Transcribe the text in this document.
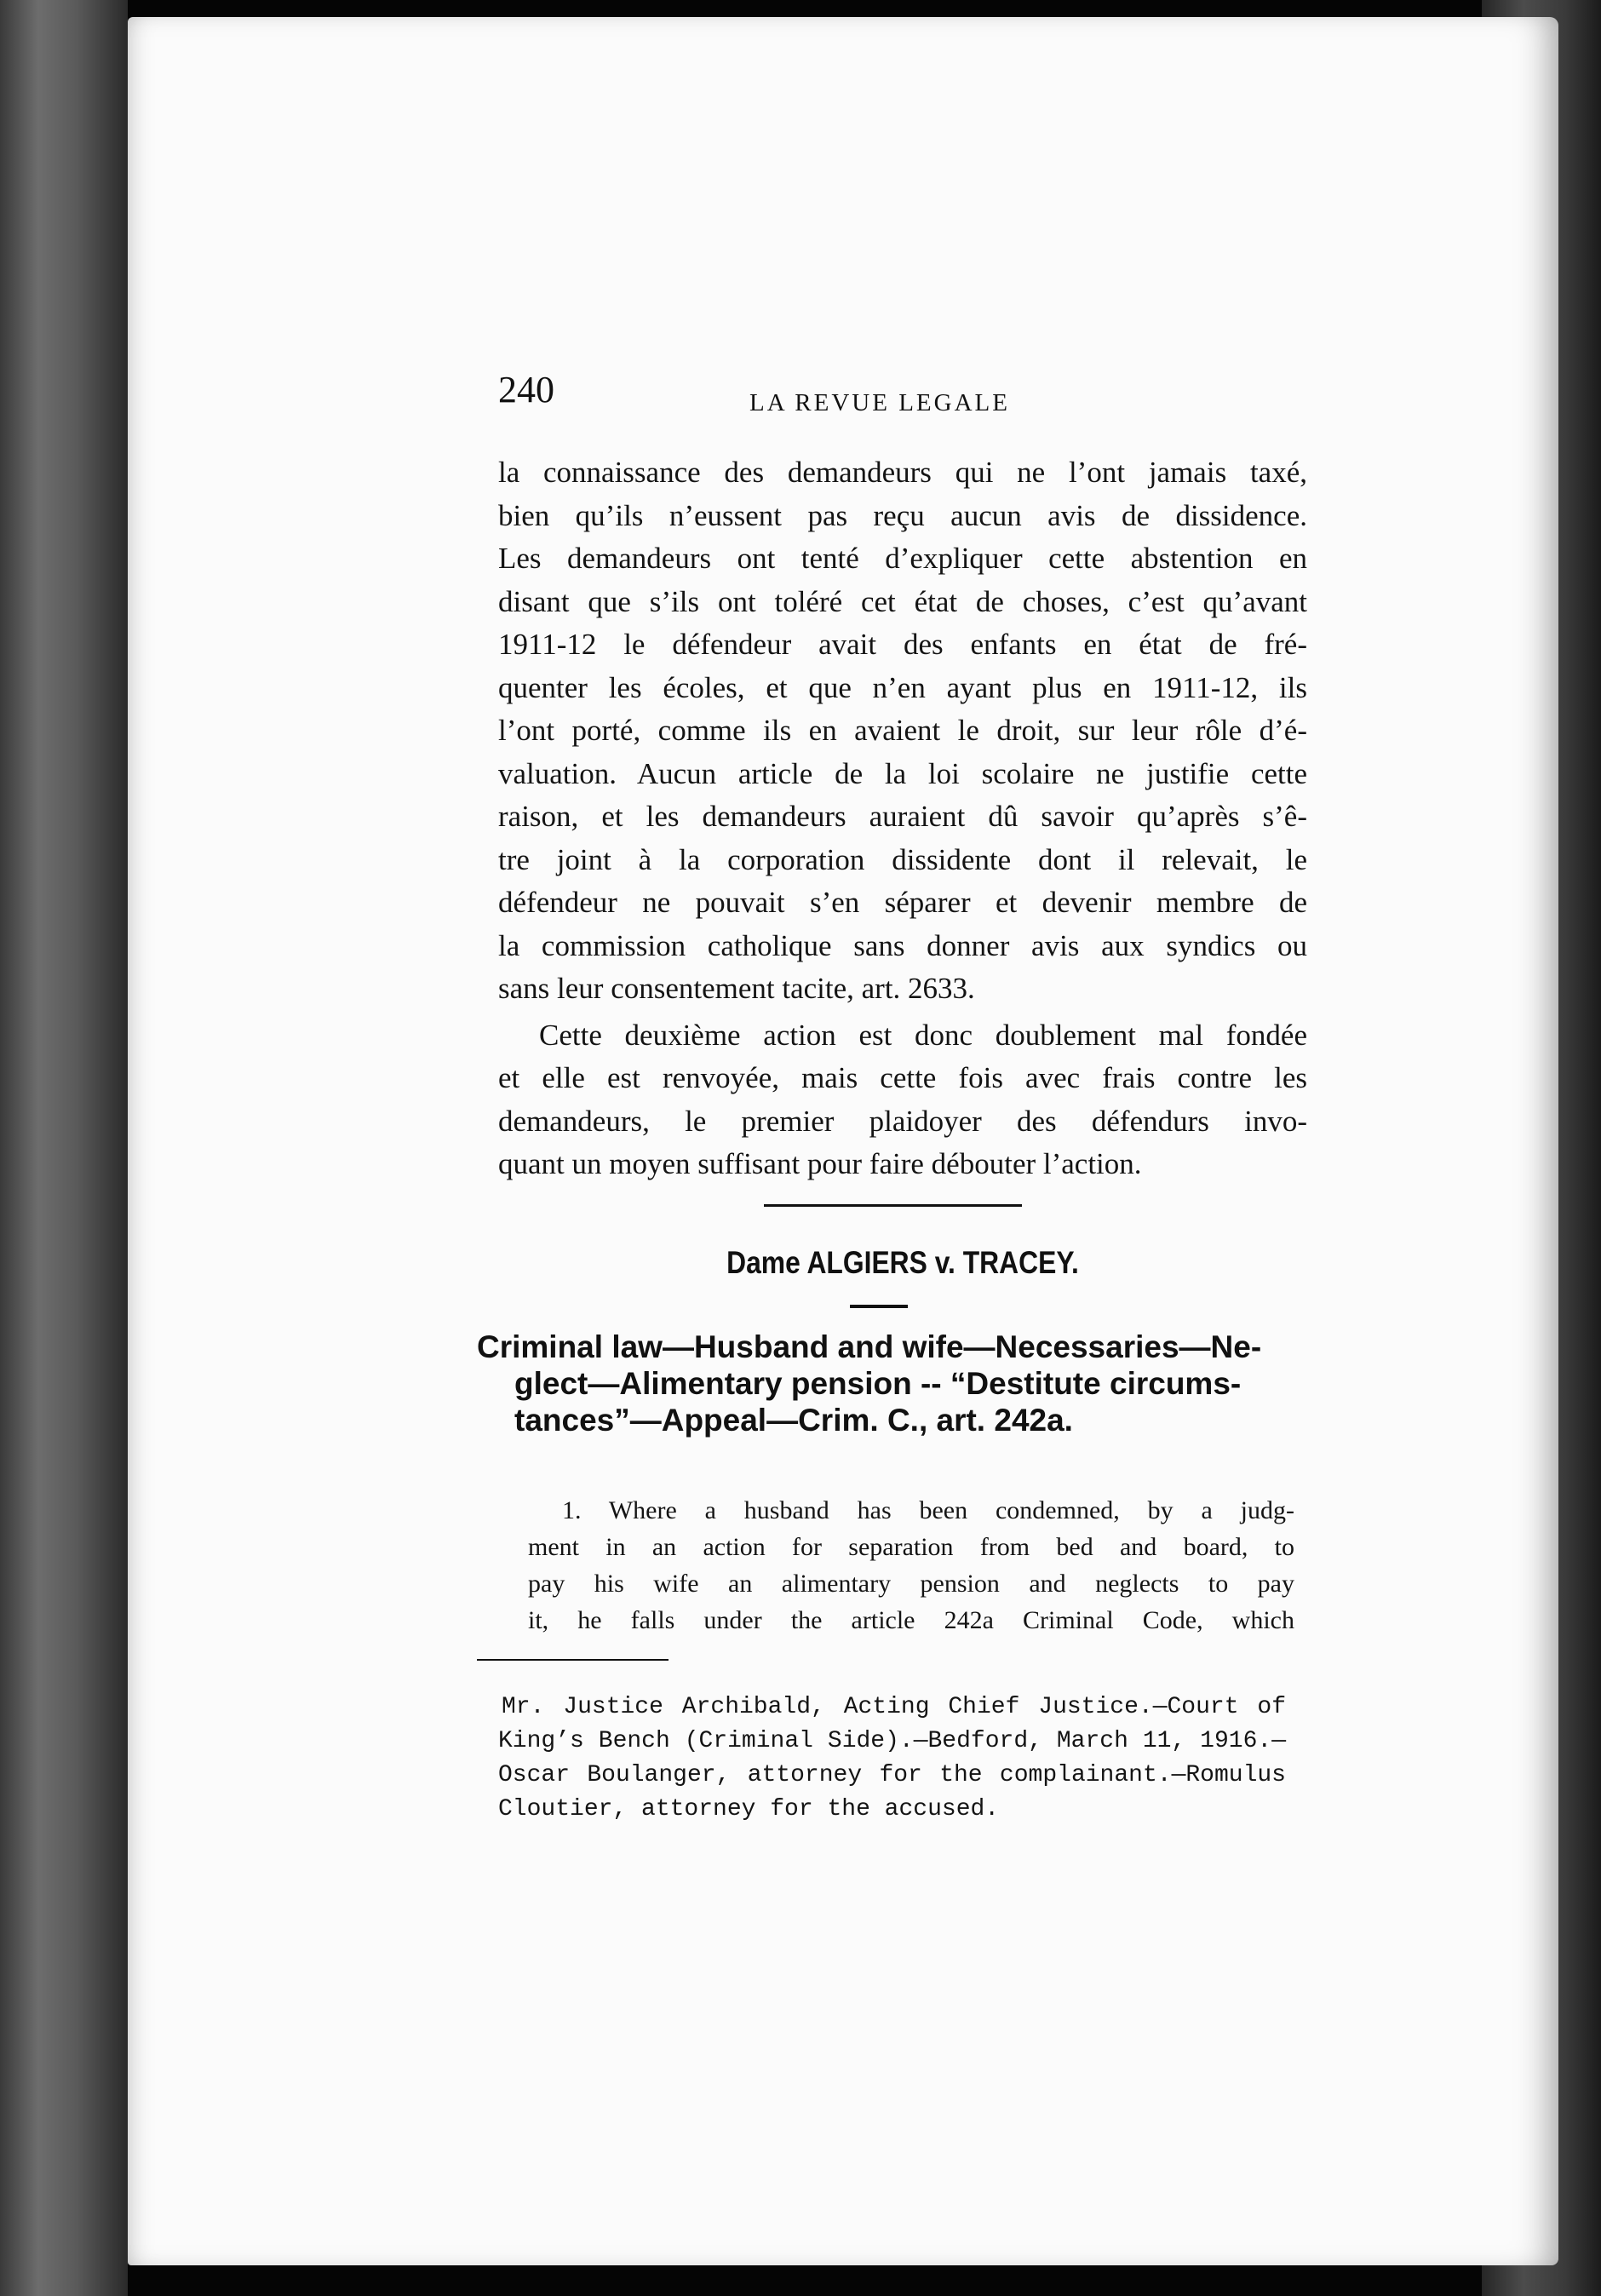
240	LA REVUE LEGALE

la connaissance des demandeurs qui ne l’ont jamais taxé,
bien qu’ils n’eussent pas reçu aucun avis de dissidence.
Les demandeurs ont tenté d’expliquer cette abstention en
disant que s’ils ont toléré cet état de choses, c’est qu’avant
1911-12 le défendeur avait des enfants en état de fré-
quenter les écoles, et que n’en ayant plus en 1911-12, ils
l’ont porté, comme ils en avaient le droit, sur leur rôle d’é-
valuation. Aucun article de la loi scolaire ne justifie cette
raison, et les demandeurs auraient dû savoir qu’après s’ê-
tre joint à la corporation dissidente dont il relevait, le
défendeur ne pouvait s’en séparer et devenir membre de
la commission catholique sans donner avis aux syndics ou
sans leur consentement tacite, art. 2633.

Cette deuxième action est donc doublement mal fondée
et elle est renvoyée, mais cette fois avec frais contre les
demandeurs, le premier plaidoyer des défendurs invo-
quant un moyen suffisant pour faire débouter l’action.

Dame ALGIERS v. TRACEY.
Criminal law—Husband and wife—Necessaries—Ne-
glect—Alimentary pension -- “Destitute circums-
tances”—Appeal—Crim. C., art. 242a.
1. Where a husband has been condemned, by a judg-
ment in an action for separation from bed and board, to
pay his wife an alimentary pension and neglects to pay
it, he falls under the article 242a Criminal Code, which
Mr. Justice Archibald, Acting Chief Justice.—Court of
King’s Bench (Criminal Side).—Bedford, March 11, 1916.—
Oscar Boulanger, attorney for the complainant.—Romulus
Cloutier, attorney for the accused.
